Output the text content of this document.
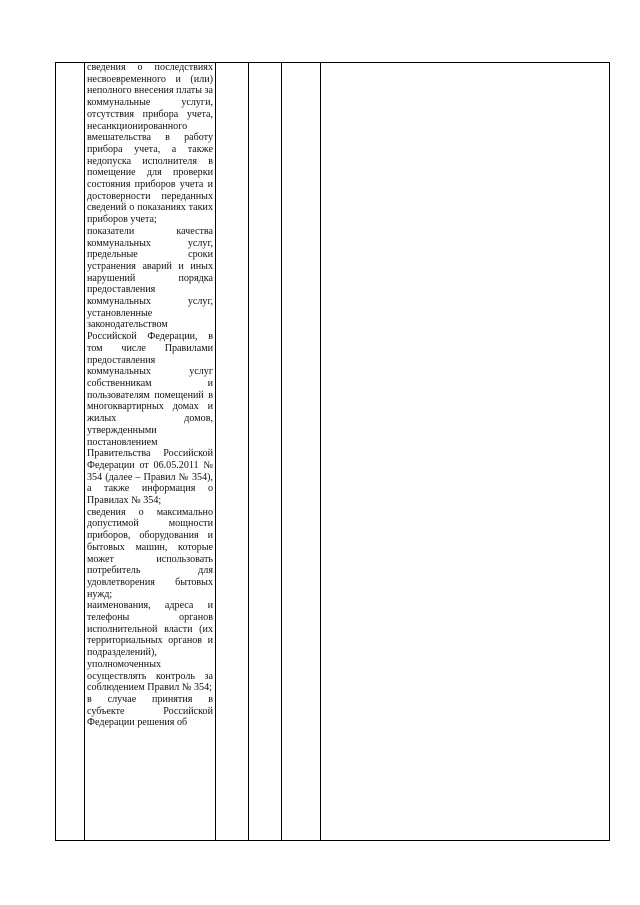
сведения о последствиях несвоевременного и (или) неполного внесения платы за коммунальные услуги, отсутствия прибора учета, несанкционированного вмешательства в работу прибора учета, а также недопуска исполнителя в помещение для проверки состояния приборов учета и достоверности переданных сведений о показаниях таких приборов учета;

показатели качества коммунальных услуг, предельные сроки устранения аварий и иных нарушений порядка предоставления коммунальных услуг, установленные законодательством Российской Федерации, в том числе Правилами предоставления коммунальных услуг собственникам и пользователям помещений в многоквартирных домах и жилых домов, утвержденными постановлением Правительства Российской Федерации от 06.05.2011 № 354 (далее – Правил № 354), а также информация о Правилах № 354;

сведения о максимально допустимой мощности приборов, оборудования и бытовых машин, которые может использовать потребитель для удовлетворения бытовых нужд;

наименования, адреса и телефоны органов исполнительной власти (их территориальных органов и подразделений), уполномоченных осуществлять контроль за соблюдением Правил № 354;

в случае принятия в субъекте Российской Федерации решения об
